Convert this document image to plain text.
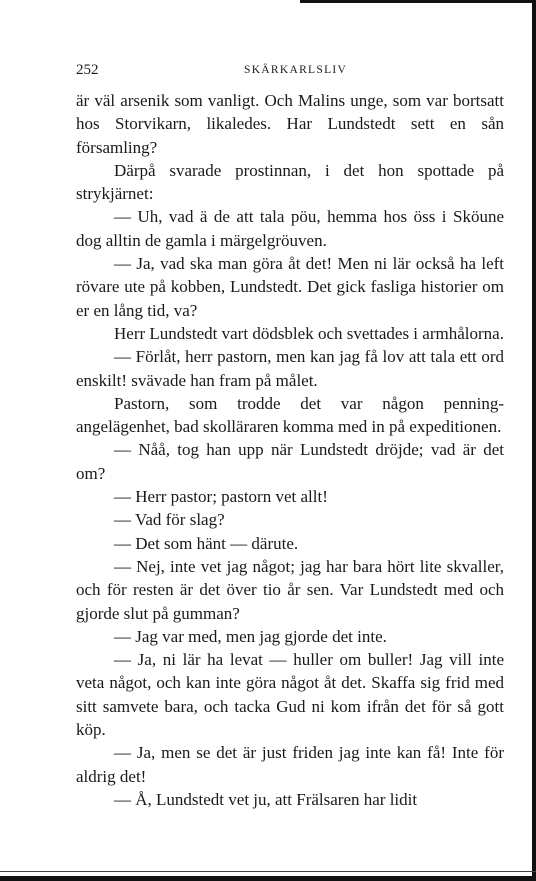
252	SKÄRKARLSLIV

är väl arsenik som vanligt. Och Malins unge, som var bortsatt hos Storvikarn, likaledes. Har Lundstedt sett en sån församling?

Därpå svarade prostinnan, i det hon spottade på strykjärnet:

— Uh, vad ä de att tala pöu, hemma hos öss i Sköune dog alltin de gamla i märgelgröuven.

— Ja, vad ska man göra åt det! Men ni lär också ha left rövare ute på kobben, Lundstedt. Det gick fasliga historier om er en lång tid, va?

Herr Lundstedt vart dödsblek och svettades i armhålorna.

— Förlåt, herr pastorn, men kan jag få lov att tala ett ord enskilt! svävade han fram på målet.

Pastorn, som trodde det var någon penning-angelägenhet, bad skolläraren komma med in på expeditionen.

— Nåå, tog han upp när Lundstedt dröjde; vad är det om?

— Herr pastor; pastorn vet allt!

— Vad för slag?

— Det som hänt — därute.

— Nej, inte vet jag något; jag har bara hört lite skvaller, och för resten är det över tio år sen. Var Lundstedt med och gjorde slut på gumman?

— Jag var med, men jag gjorde det inte.

— Ja, ni lär ha levat — huller om buller! Jag vill inte veta något, och kan inte göra något åt det. Skaffa sig frid med sitt samvete bara, och tacka Gud ni kom ifrån det för så gott köp.

— Ja, men se det är just friden jag inte kan få! Inte för aldrig det!

— Å, Lundstedt vet ju, att Frälsaren har lidit
